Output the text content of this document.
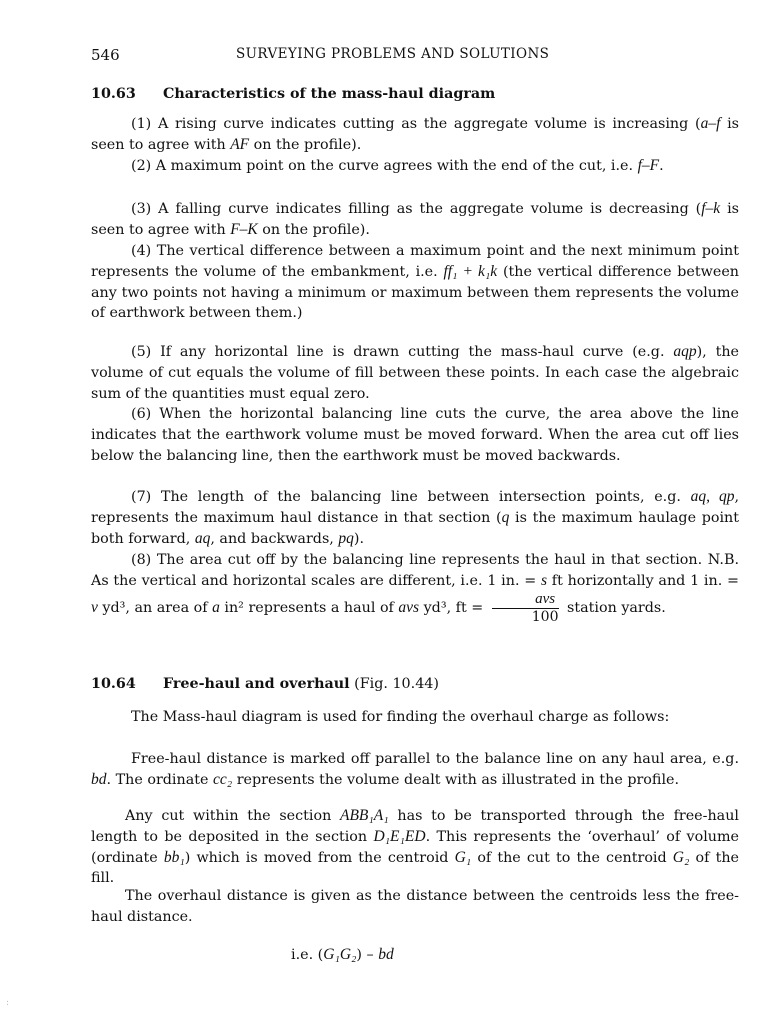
546	SURVEYING PROBLEMS AND SOLUTIONS
10.63 Characteristics of the mass-haul diagram
(1) A rising curve indicates cutting as the aggregate volume is increasing (a–f is seen to agree with AF on the profile).
(2) A maximum point on the curve agrees with the end of the cut, i.e. f–F.
(3) A falling curve indicates filling as the aggregate volume is decreasing (f–k is seen to agree with F–K on the profile).
(4) The vertical difference between a maximum point and the next minimum point represents the volume of the embankment, i.e. ff₁ + k₁k (the vertical difference between any two points not having a minimum or maximum between them represents the volume of earthwork between them.)
(5) If any horizontal line is drawn cutting the mass-haul curve (e.g. aqp), the volume of cut equals the volume of fill between these points. In each case the algebraic sum of the quantities must equal zero.
(6) When the horizontal balancing line cuts the curve, the area above the line indicates that the earthwork volume must be moved forward. When the area cut off lies below the balancing line, then the earthwork must be moved backwards.
(7) The length of the balancing line between intersection points, e.g. aq, qp, represents the maximum haul distance in that section (q is the maximum haulage point both forward, aq, and backwards, pq).
(8) The area cut off by the balancing line represents the haul in that section. N.B. As the vertical and horizontal scales are different, i.e. 1 in. = s ft horizontally and 1 in. = v yd³, an area of a in² represents a haul of avs yd³, ft = $\frac{\text{avs}}{100}$ station yards.
10.64 Free-haul and overhaul (Fig. 10.44)
The Mass-haul diagram is used for finding the overhaul charge as follows:
Free-haul distance is marked off parallel to the balance line on any haul area, e.g. bd. The ordinate cc₂ represents the volume dealt with as illustrated in the profile.
Any cut within the section ABB₁A₁ has to be transported through the free-haul length to be deposited in the section D₁E₁ED. This represents the ‘overhaul’ of volume (ordinate bb₁) which is moved from the centroid G₁ of the cut to the centroid G₂ of the fill.
The overhaul distance is given as the distance between the centroids less the free-haul distance.
i.e. (G₁G₂) – bd
:
